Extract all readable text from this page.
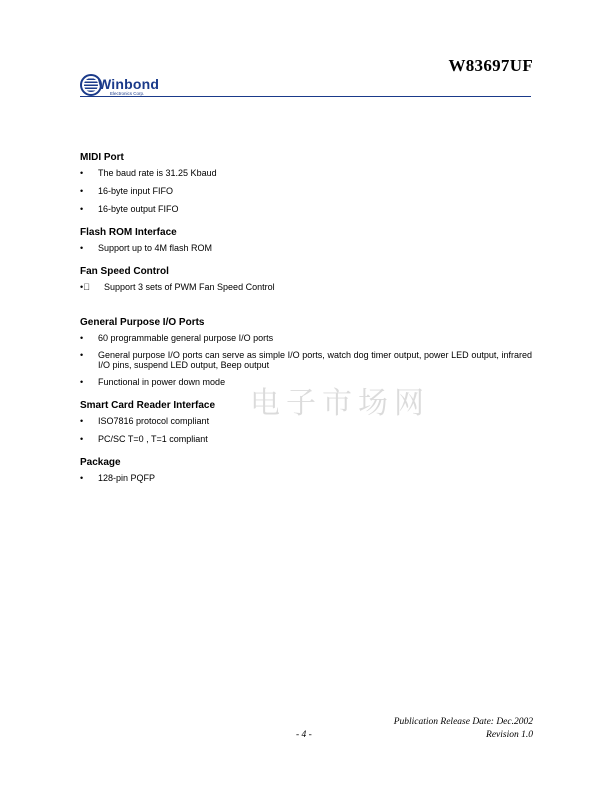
W83697UF
Winbond
Electronics Corp.
电子市场网
MIDI Port
•	The baud rate is 31.25 Kbaud
•	16-byte input FIFO
•	16-byte output FIFO
Flash ROM Interface
•	Support up to 4M flash ROM
Fan Speed Control
•	Support 3 sets of PWM Fan Speed Control
General Purpose I/O Ports
•	60 programmable general purpose I/O ports
•	General purpose I/O ports can serve as simple I/O ports, watch dog timer output, power LED output, infrared I/O pins, suspend LED output, Beep output
•	Functional in power down mode
Smart Card Reader Interface
•	ISO7816 protocol compliant
•	PC/SC T=0 , T=1 compliant
Package
•	128-pin PQFP
Publication Release Date: Dec.2002
- 4 -	Revision 1.0
